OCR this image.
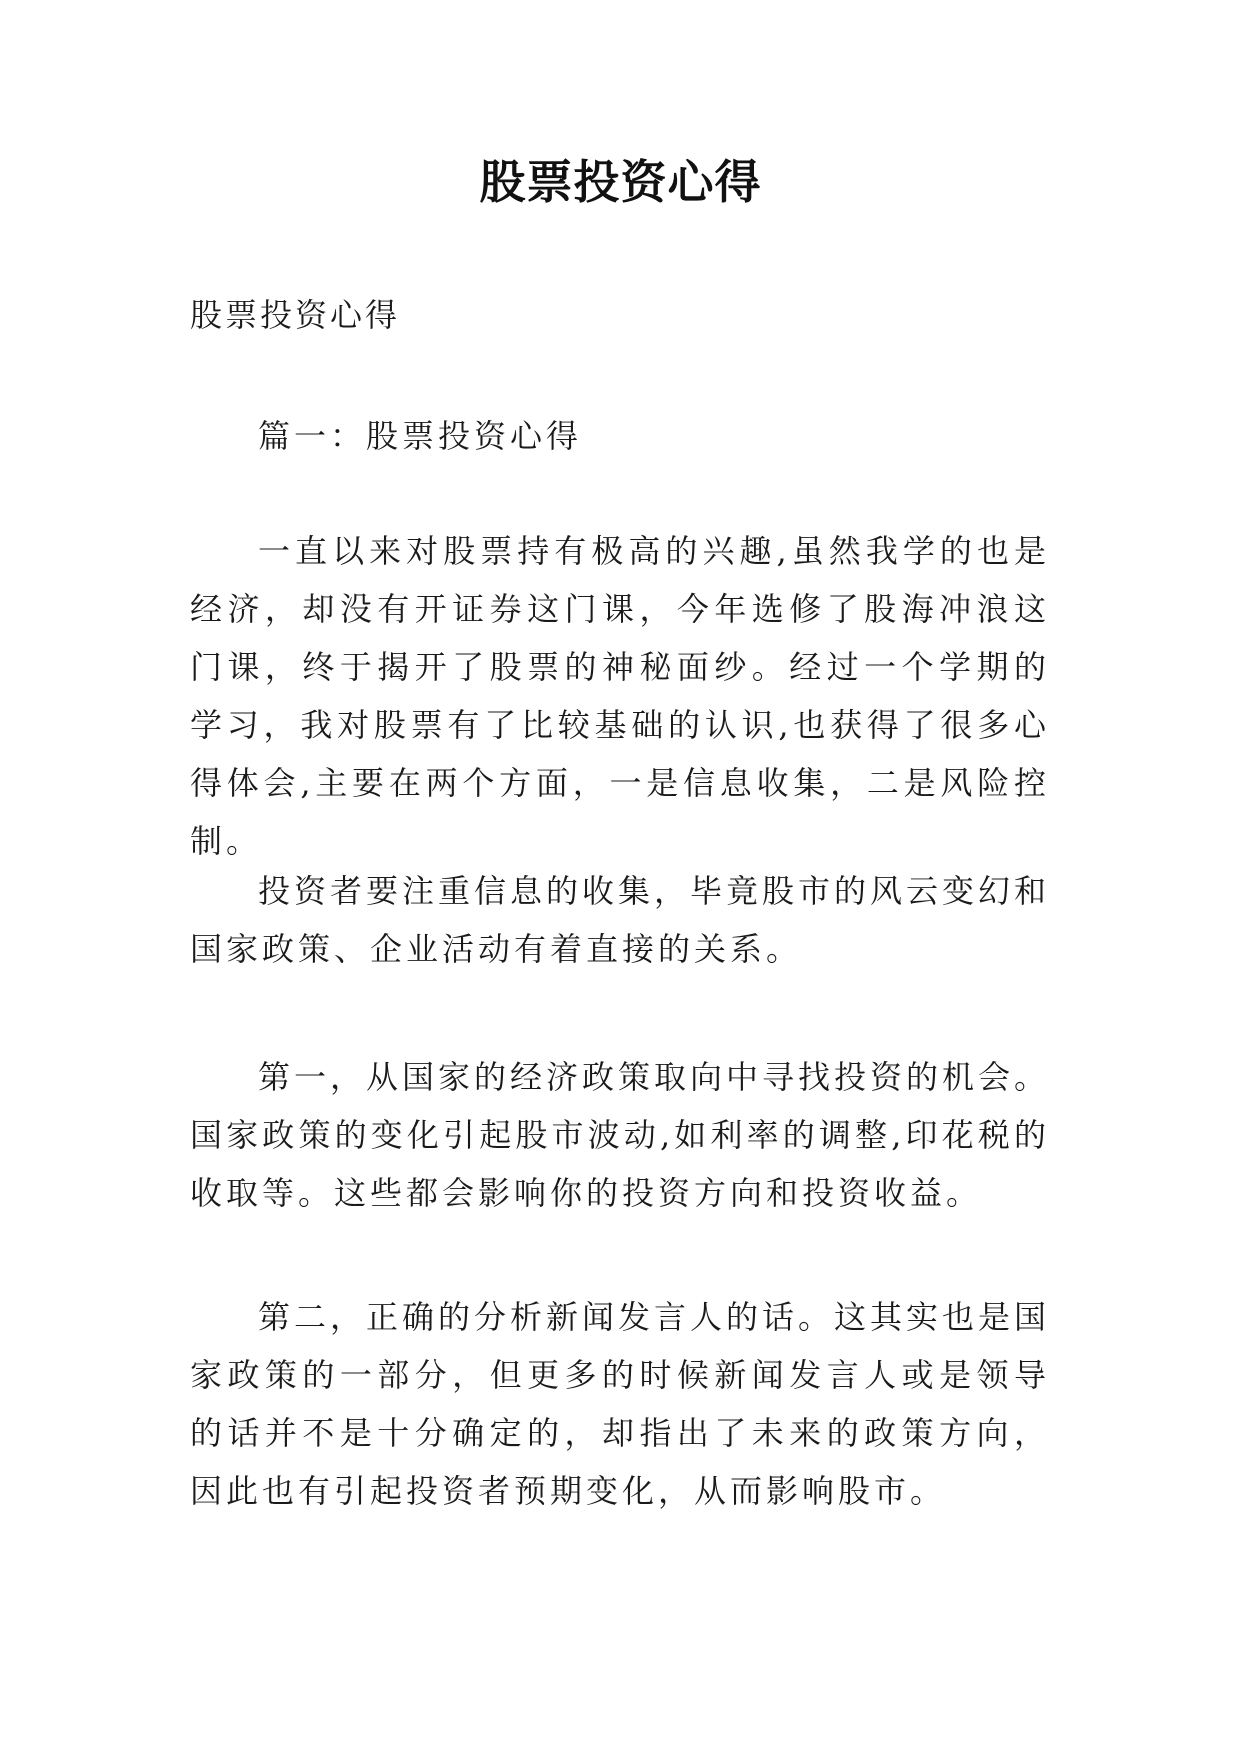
股票投资心得

股票投资心得

篇一：股票投资心得

一直以来对股票持有极高的兴趣,虽然我学的也是经济，却没有开证券这门课，今年选修了股海冲浪这门课，终于揭开了股票的神秘面纱。经过一个学期的学习，我对股票有了比较基础的认识,也获得了很多心得体会,主要在两个方面，一是信息收集，二是风险控制。

投资者要注重信息的收集，毕竟股市的风云变幻和国家政策、企业活动有着直接的关系。

第一，从国家的经济政策取向中寻找投资的机会。国家政策的变化引起股市波动,如利率的调整,印花税的收取等。这些都会影响你的投资方向和投资收益。

第二，正确的分析新闻发言人的话。这其实也是国家政策的一部分，但更多的时候新闻发言人或是领导的话并不是十分确定的，却指出了未来的政策方向，因此也有引起投资者预期变化，从而影响股市。
